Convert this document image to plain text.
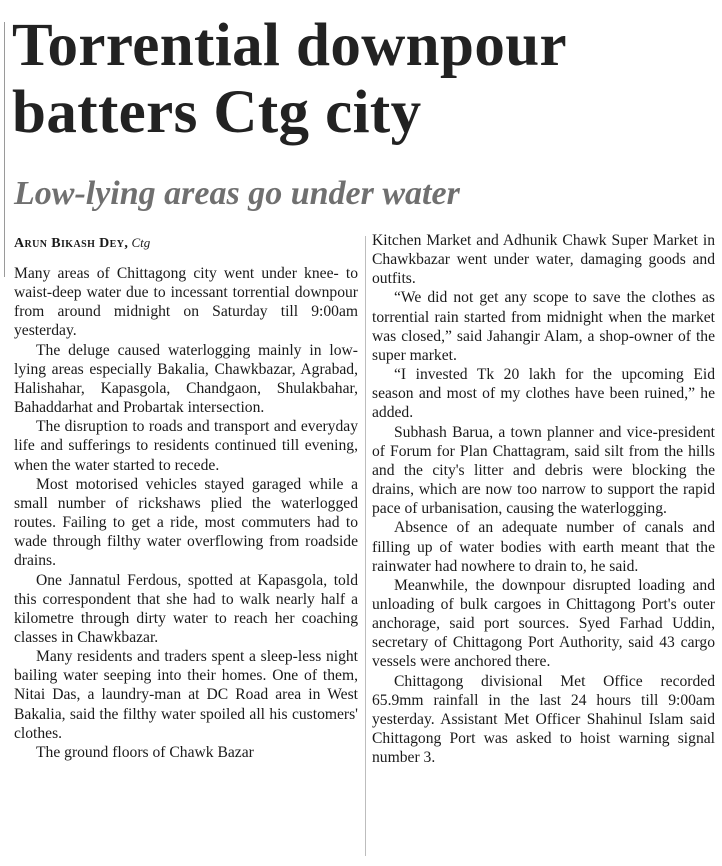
Torrential downpour
batters Ctg city
Low-lying areas go under water
Arun Bikash Dey, Ctg

Many areas of Chittagong city went under knee- to waist-deep water due to incessant torrential downpour from around midnight on Saturday till 9:00am yesterday.

The deluge caused waterlogging mainly in low-lying areas especially Bakalia, Chawkbazar, Agrabad, Halishahar, Kapasgola, Chandgaon, Shulakbahar, Bahaddarhat and Probartak intersection.

The disruption to roads and transport and everyday life and sufferings to residents continued till evening, when the water started to recede.

Most motorised vehicles stayed garaged while a small number of rickshaws plied the waterlogged routes. Failing to get a ride, most commuters had to wade through filthy water overflowing from roadside drains.

One Jannatul Ferdous, spotted at Kapasgola, told this correspondent that she had to walk nearly half a kilometre through dirty water to reach her coaching classes in Chawkbazar.

Many residents and traders spent a sleep-less night bailing water seeping into their homes. One of them, Nitai Das, a laundry-man at DC Road area in West Bakalia, said the filthy water spoiled all his customers' clothes.

The ground floors of Chawk Bazar

Kitchen Market and Adhunik Chawk Super Market in Chawkbazar went under water, damaging goods and outfits.

“We did not get any scope to save the clothes as torrential rain started from midnight when the market was closed,” said Jahangir Alam, a shop-owner of the super market.

“I invested Tk 20 lakh for the upcoming Eid season and most of my clothes have been ruined,” he added.

Subhash Barua, a town planner and vice-president of Forum for Plan Chattagram, said silt from the hills and the city's litter and debris were blocking the drains, which are now too narrow to support the rapid pace of urbanisation, causing the waterlogging.

Absence of an adequate number of canals and filling up of water bodies with earth meant that the rainwater had nowhere to drain to, he said.

Meanwhile, the downpour disrupted loading and unloading of bulk cargoes in Chittagong Port's outer anchorage, said port sources. Syed Farhad Uddin, secretary of Chittagong Port Authority, said 43 cargo vessels were anchored there.

Chittagong divisional Met Office recorded 65.9mm rainfall in the last 24 hours till 9:00am yesterday. Assistant Met Officer Shahinul Islam said Chittagong Port was asked to hoist warning signal number 3.
